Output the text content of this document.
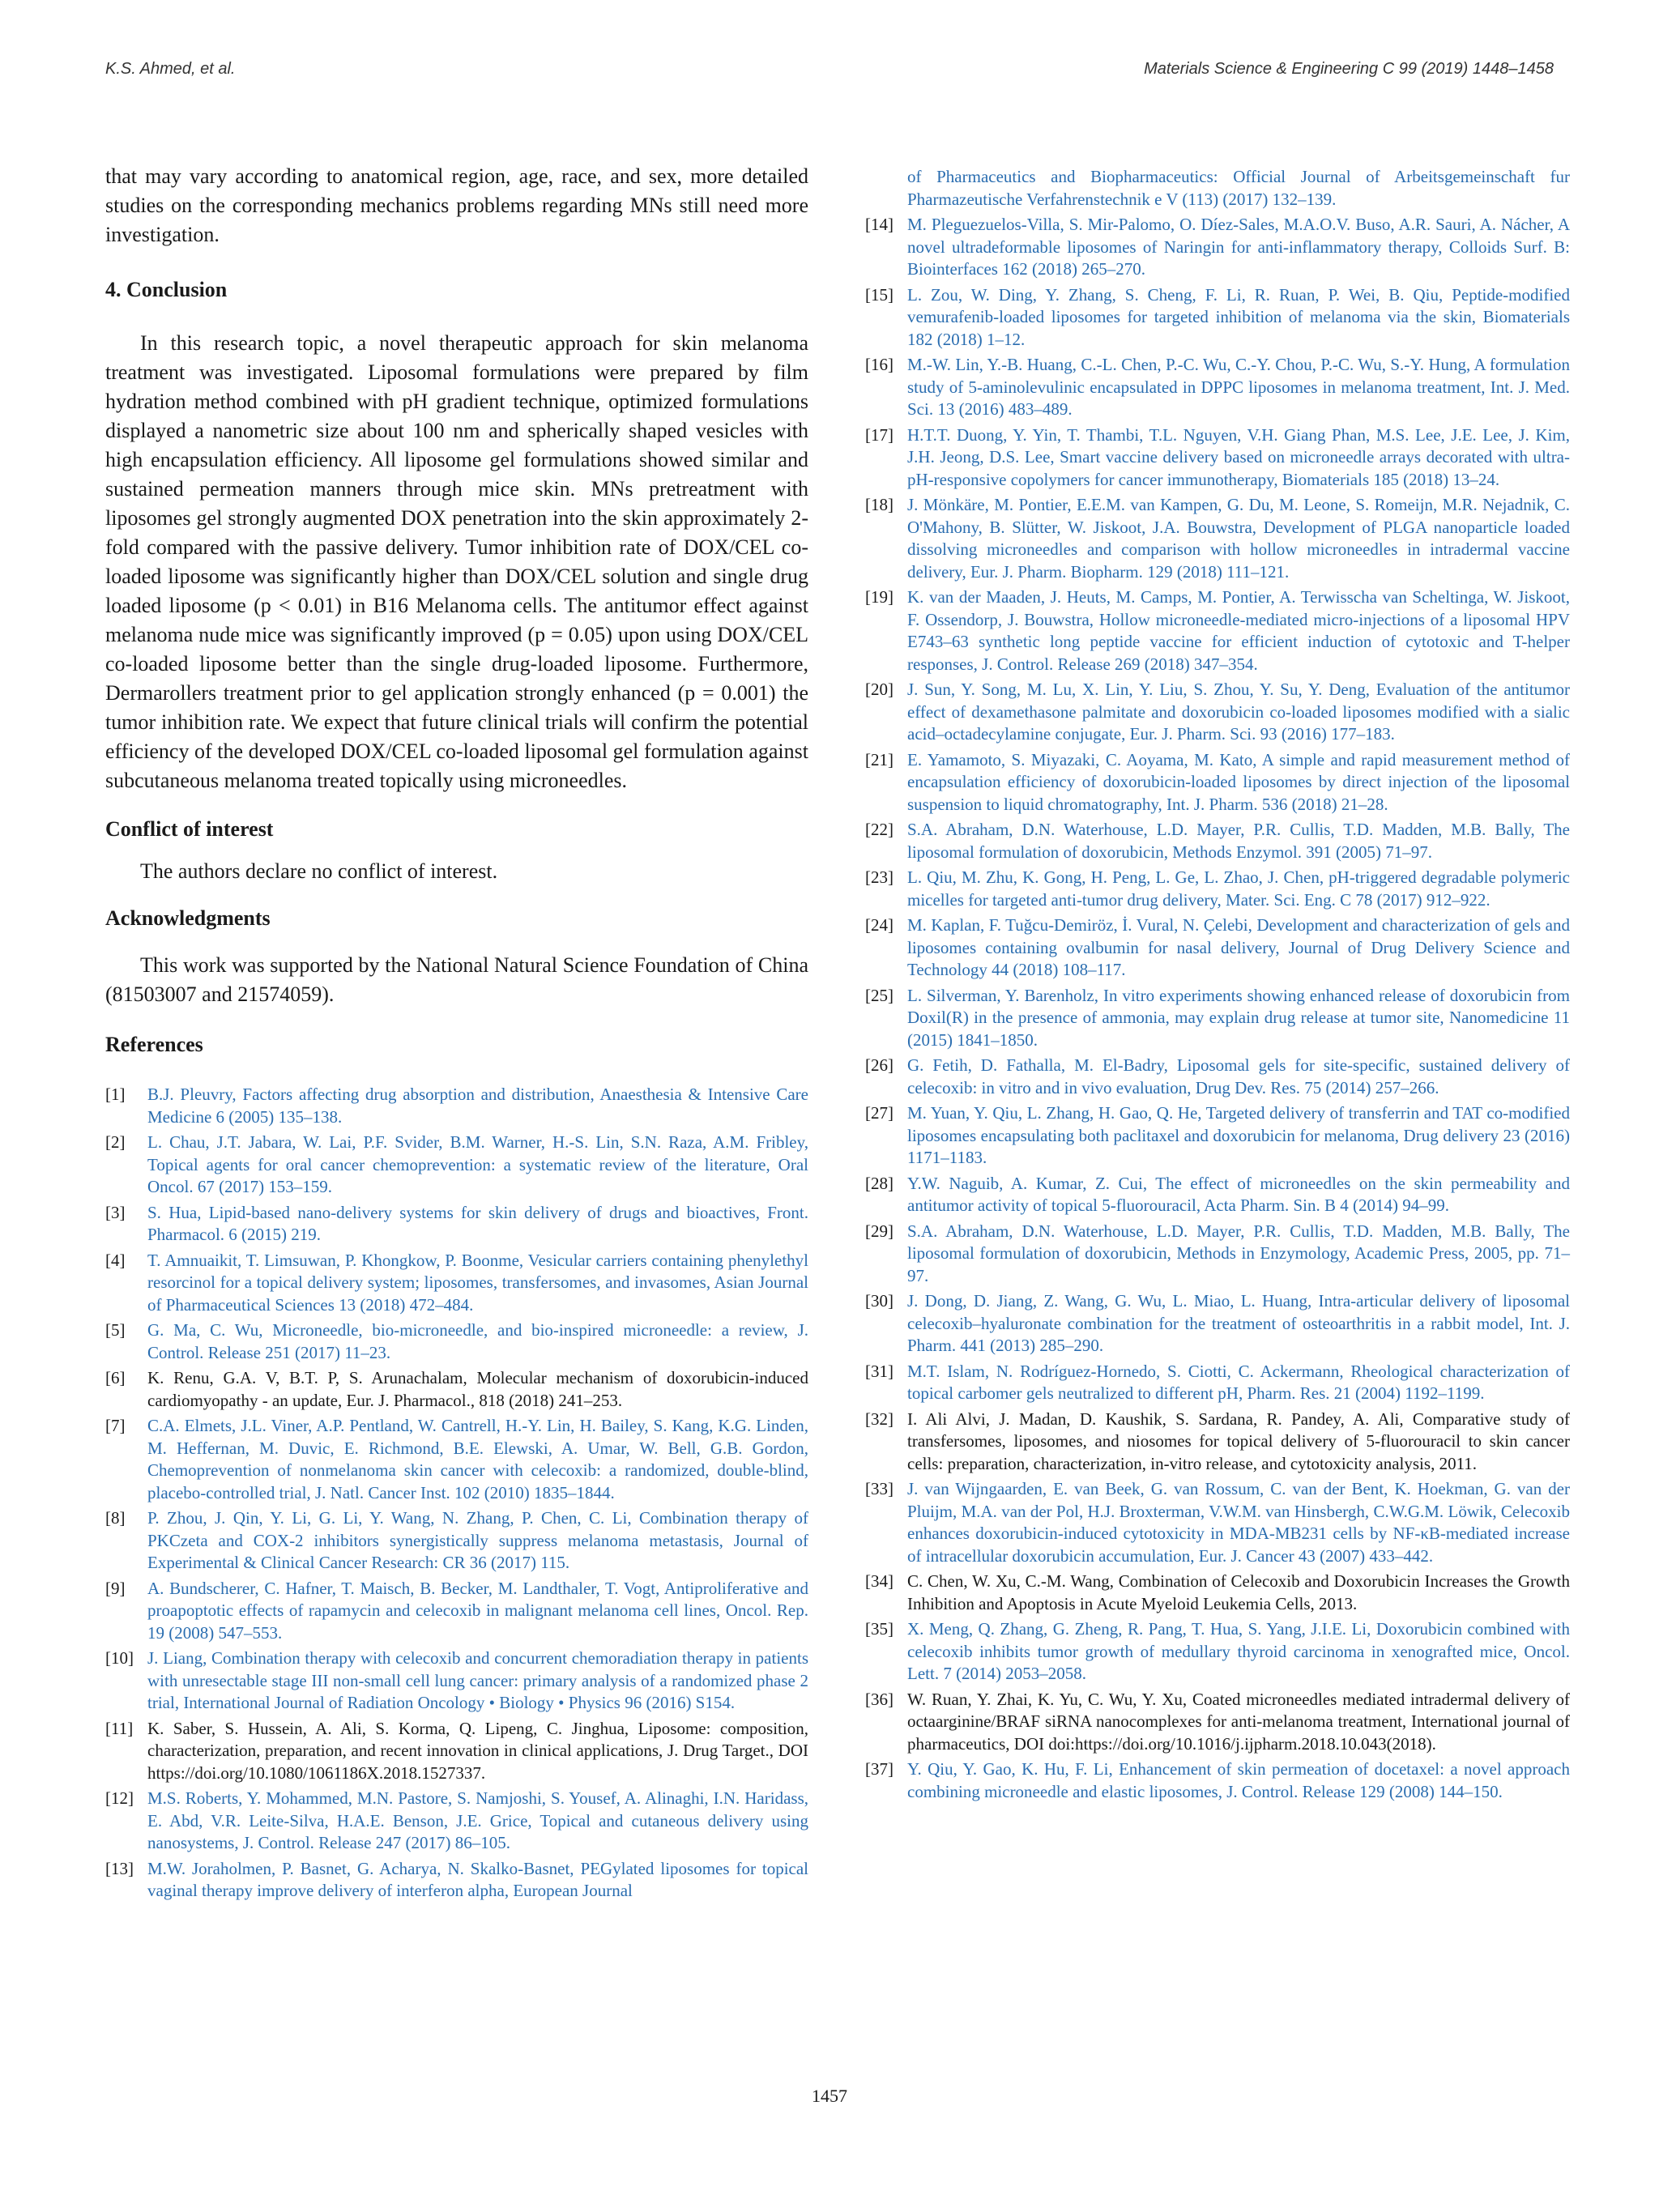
K.S. Ahmed, et al.	Materials Science & Engineering C 99 (2019) 1448–1458

that may vary according to anatomical region, age, race, and sex, more detailed studies on the corresponding mechanics problems regarding MNs still need more investigation.

4. Conclusion

In this research topic, a novel therapeutic approach for skin melanoma treatment was investigated. Liposomal formulations were prepared by film hydration method combined with pH gradient technique, optimized formulations displayed a nanometric size about 100 nm and spherically shaped vesicles with high encapsulation efficiency. All liposome gel formulations showed similar and sustained permeation manners through mice skin. MNs pretreatment with liposomes gel strongly augmented DOX penetration into the skin approximately 2-fold compared with the passive delivery. Tumor inhibition rate of DOX/CEL co-loaded liposome was significantly higher than DOX/CEL solution and single drug loaded liposome (p < 0.01) in B16 Melanoma cells. The antitumor effect against melanoma nude mice was significantly improved (p = 0.05) upon using DOX/CEL co-loaded liposome better than the single drug-loaded liposome. Furthermore, Dermarollers treatment prior to gel application strongly enhanced (p = 0.001) the tumor inhibition rate. We expect that future clinical trials will confirm the potential efficiency of the developed DOX/CEL co-loaded liposomal gel formulation against subcutaneous melanoma treated topically using microneedles.

Conflict of interest

The authors declare no conflict of interest.

Acknowledgments

This work was supported by the National Natural Science Foundation of China (81503007 and 21574059).

References
[1]	B.J. Pleuvry, Factors affecting drug absorption and distribution, Anaesthesia & Intensive Care Medicine 6 (2005) 135–138.
[2]	L. Chau, J.T. Jabara, W. Lai, P.F. Svider, B.M. Warner, H.-S. Lin, S.N. Raza, A.M. Fribley, Topical agents for oral cancer chemoprevention: a systematic review of the literature, Oral Oncol. 67 (2017) 153–159.
[3]	S. Hua, Lipid-based nano-delivery systems for skin delivery of drugs and bioactives, Front. Pharmacol. 6 (2015) 219.
[4]	T. Amnuaikit, T. Limsuwan, P. Khongkow, P. Boonme, Vesicular carriers containing phenylethyl resorcinol for a topical delivery system; liposomes, transfersomes, and invasomes, Asian Journal of Pharmaceutical Sciences 13 (2018) 472–484.
[5]	G. Ma, C. Wu, Microneedle, bio-microneedle, and bio-inspired microneedle: a review, J. Control. Release 251 (2017) 11–23.
[6]	K. Renu, G.A. V, B.T. P, S. Arunachalam, Molecular mechanism of doxorubicin-induced cardiomyopathy - an update, Eur. J. Pharmacol., 818 (2018) 241–253.
[7]	C.A. Elmets, J.L. Viner, A.P. Pentland, W. Cantrell, H.-Y. Lin, H. Bailey, S. Kang, K.G. Linden, M. Heffernan, M. Duvic, E. Richmond, B.E. Elewski, A. Umar, W. Bell, G.B. Gordon, Chemoprevention of nonmelanoma skin cancer with celecoxib: a randomized, double-blind, placebo-controlled trial, J. Natl. Cancer Inst. 102 (2010) 1835–1844.
[8]	P. Zhou, J. Qin, Y. Li, G. Li, Y. Wang, N. Zhang, P. Chen, C. Li, Combination therapy of PKCzeta and COX-2 inhibitors synergistically suppress melanoma metastasis, Journal of Experimental & Clinical Cancer Research: CR 36 (2017) 115.
[9]	A. Bundscherer, C. Hafner, T. Maisch, B. Becker, M. Landthaler, T. Vogt, Antiproliferative and proapoptotic effects of rapamycin and celecoxib in malignant melanoma cell lines, Oncol. Rep. 19 (2008) 547–553.
[10] J. Liang, Combination therapy with celecoxib and concurrent chemoradiation therapy in patients with unresectable stage III non-small cell lung cancer: primary analysis of a randomized phase 2 trial, International Journal of Radiation Oncology • Biology • Physics 96 (2016) S154.
[11] K. Saber, S. Hussein, A. Ali, S. Korma, Q. Lipeng, C. Jinghua, Liposome: composition, characterization, preparation, and recent innovation in clinical applications, J. Drug Target., DOI https://doi.org/10.1080/1061186X.2018.1527337.
[12] M.S. Roberts, Y. Mohammed, M.N. Pastore, S. Namjoshi, S. Yousef, A. Alinaghi, I.N. Haridass, E. Abd, V.R. Leite-Silva, H.A.E. Benson, J.E. Grice, Topical and cutaneous delivery using nanosystems, J. Control. Release 247 (2017) 86–105.
[13] M.W. Joraholmen, P. Basnet, G. Acharya, N. Skalko-Basnet, PEGylated liposomes for topical vaginal therapy improve delivery of interferon alpha, European Journal
of Pharmaceutics and Biopharmaceutics: Official Journal of Arbeitsgemeinschaft fur Pharmazeutische Verfahrenstechnik e V (113) (2017) 132–139.
[14] M. Pleguezuelos-Villa, S. Mir-Palomo, O. Díez-Sales, M.A.O.V. Buso, A.R. Sauri, A. Nácher, A novel ultradeformable liposomes of Naringin for anti-inflammatory therapy, Colloids Surf. B: Biointerfaces 162 (2018) 265–270.
[15] L. Zou, W. Ding, Y. Zhang, S. Cheng, F. Li, R. Ruan, P. Wei, B. Qiu, Peptide-modified vemurafenib-loaded liposomes for targeted inhibition of melanoma via the skin, Biomaterials 182 (2018) 1–12.
[16] M.-W. Lin, Y.-B. Huang, C.-L. Chen, P.-C. Wu, C.-Y. Chou, P.-C. Wu, S.-Y. Hung, A formulation study of 5-aminolevulinic encapsulated in DPPC liposomes in melanoma treatment, Int. J. Med. Sci. 13 (2016) 483–489.
[17] H.T.T. Duong, Y. Yin, T. Thambi, T.L. Nguyen, V.H. Giang Phan, M.S. Lee, J.E. Lee, J. Kim, J.H. Jeong, D.S. Lee, Smart vaccine delivery based on microneedle arrays decorated with ultra-pH-responsive copolymers for cancer immunotherapy, Biomaterials 185 (2018) 13–24.
[18] J. Mönkäre, M. Pontier, E.E.M. van Kampen, G. Du, M. Leone, S. Romeijn, M.R. Nejadnik, C. O'Mahony, B. Slütter, W. Jiskoot, J.A. Bouwstra, Development of PLGA nanoparticle loaded dissolving microneedles and comparison with hollow microneedles in intradermal vaccine delivery, Eur. J. Pharm. Biopharm. 129 (2018) 111–121.
[19] K. van der Maaden, J. Heuts, M. Camps, M. Pontier, A. Terwisscha van Scheltinga, W. Jiskoot, F. Ossendorp, J. Bouwstra, Hollow microneedle-mediated micro-injections of a liposomal HPV E743–63 synthetic long peptide vaccine for efficient induction of cytotoxic and T-helper responses, J. Control. Release 269 (2018) 347–354.
[20] J. Sun, Y. Song, M. Lu, X. Lin, Y. Liu, S. Zhou, Y. Su, Y. Deng, Evaluation of the antitumor effect of dexamethasone palmitate and doxorubicin co-loaded liposomes modified with a sialic acid–octadecylamine conjugate, Eur. J. Pharm. Sci. 93 (2016) 177–183.
[21] E. Yamamoto, S. Miyazaki, C. Aoyama, M. Kato, A simple and rapid measurement method of encapsulation efficiency of doxorubicin-loaded liposomes by direct injection of the liposomal suspension to liquid chromatography, Int. J. Pharm. 536 (2018) 21–28.
[22] S.A. Abraham, D.N. Waterhouse, L.D. Mayer, P.R. Cullis, T.D. Madden, M.B. Bally, The liposomal formulation of doxorubicin, Methods Enzymol. 391 (2005) 71–97.
[23] L. Qiu, M. Zhu, K. Gong, H. Peng, L. Ge, L. Zhao, J. Chen, pH-triggered degradable polymeric micelles for targeted anti-tumor drug delivery, Mater. Sci. Eng. C 78 (2017) 912–922.
[24] M. Kaplan, F. Tuğcu-Demiröz, İ. Vural, N. Çelebi, Development and characterization of gels and liposomes containing ovalbumin for nasal delivery, Journal of Drug Delivery Science and Technology 44 (2018) 108–117.
[25] L. Silverman, Y. Barenholz, In vitro experiments showing enhanced release of doxorubicin from Doxil(R) in the presence of ammonia, may explain drug release at tumor site, Nanomedicine 11 (2015) 1841–1850.
[26] G. Fetih, D. Fathalla, M. El-Badry, Liposomal gels for site-specific, sustained delivery of celecoxib: in vitro and in vivo evaluation, Drug Dev. Res. 75 (2014) 257–266.
[27] M. Yuan, Y. Qiu, L. Zhang, H. Gao, Q. He, Targeted delivery of transferrin and TAT co-modified liposomes encapsulating both paclitaxel and doxorubicin for melanoma, Drug delivery 23 (2016) 1171–1183.
[28] Y.W. Naguib, A. Kumar, Z. Cui, The effect of microneedles on the skin permeability and antitumor activity of topical 5-fluorouracil, Acta Pharm. Sin. B 4 (2014) 94–99.
[29] S.A. Abraham, D.N. Waterhouse, L.D. Mayer, P.R. Cullis, T.D. Madden, M.B. Bally, The liposomal formulation of doxorubicin, Methods in Enzymology, Academic Press, 2005, pp. 71–97.
[30] J. Dong, D. Jiang, Z. Wang, G. Wu, L. Miao, L. Huang, Intra-articular delivery of liposomal celecoxib–hyaluronate combination for the treatment of osteoarthritis in a rabbit model, Int. J. Pharm. 441 (2013) 285–290.
[31] M.T. Islam, N. Rodríguez-Hornedo, S. Ciotti, C. Ackermann, Rheological characterization of topical carbomer gels neutralized to different pH, Pharm. Res. 21 (2004) 1192–1199.
[32] I. Ali Alvi, J. Madan, D. Kaushik, S. Sardana, R. Pandey, A. Ali, Comparative study of transfersomes, liposomes, and niosomes for topical delivery of 5-fluorouracil to skin cancer cells: preparation, characterization, in-vitro release, and cytotoxicity analysis, 2011.
[33] J. van Wijngaarden, E. van Beek, G. van Rossum, C. van der Bent, K. Hoekman, G. van der Pluijm, M.A. van der Pol, H.J. Broxterman, V.W.M. van Hinsbergh, C.W.G.M. Löwik, Celecoxib enhances doxorubicin-induced cytotoxicity in MDA-MB231 cells by NF-κB-mediated increase of intracellular doxorubicin accumulation, Eur. J. Cancer 43 (2007) 433–442.
[34] C. Chen, W. Xu, C.-M. Wang, Combination of Celecoxib and Doxorubicin Increases the Growth Inhibition and Apoptosis in Acute Myeloid Leukemia Cells, 2013.
[35] X. Meng, Q. Zhang, G. Zheng, R. Pang, T. Hua, S. Yang, J.I.E. Li, Doxorubicin combined with celecoxib inhibits tumor growth of medullary thyroid carcinoma in xenografted mice, Oncol. Lett. 7 (2014) 2053–2058.
[36] W. Ruan, Y. Zhai, K. Yu, C. Wu, Y. Xu, Coated microneedles mediated intradermal delivery of octaarginine/BRAF siRNA nanocomplexes for anti-melanoma treatment, International journal of pharmaceutics, DOI doi:https://doi.org/10.1016/j.ijpharm.2018.10.043(2018).
[37] Y. Qiu, Y. Gao, K. Hu, F. Li, Enhancement of skin permeation of docetaxel: a novel approach combining microneedle and elastic liposomes, J. Control. Release 129 (2008) 144–150.
1457
